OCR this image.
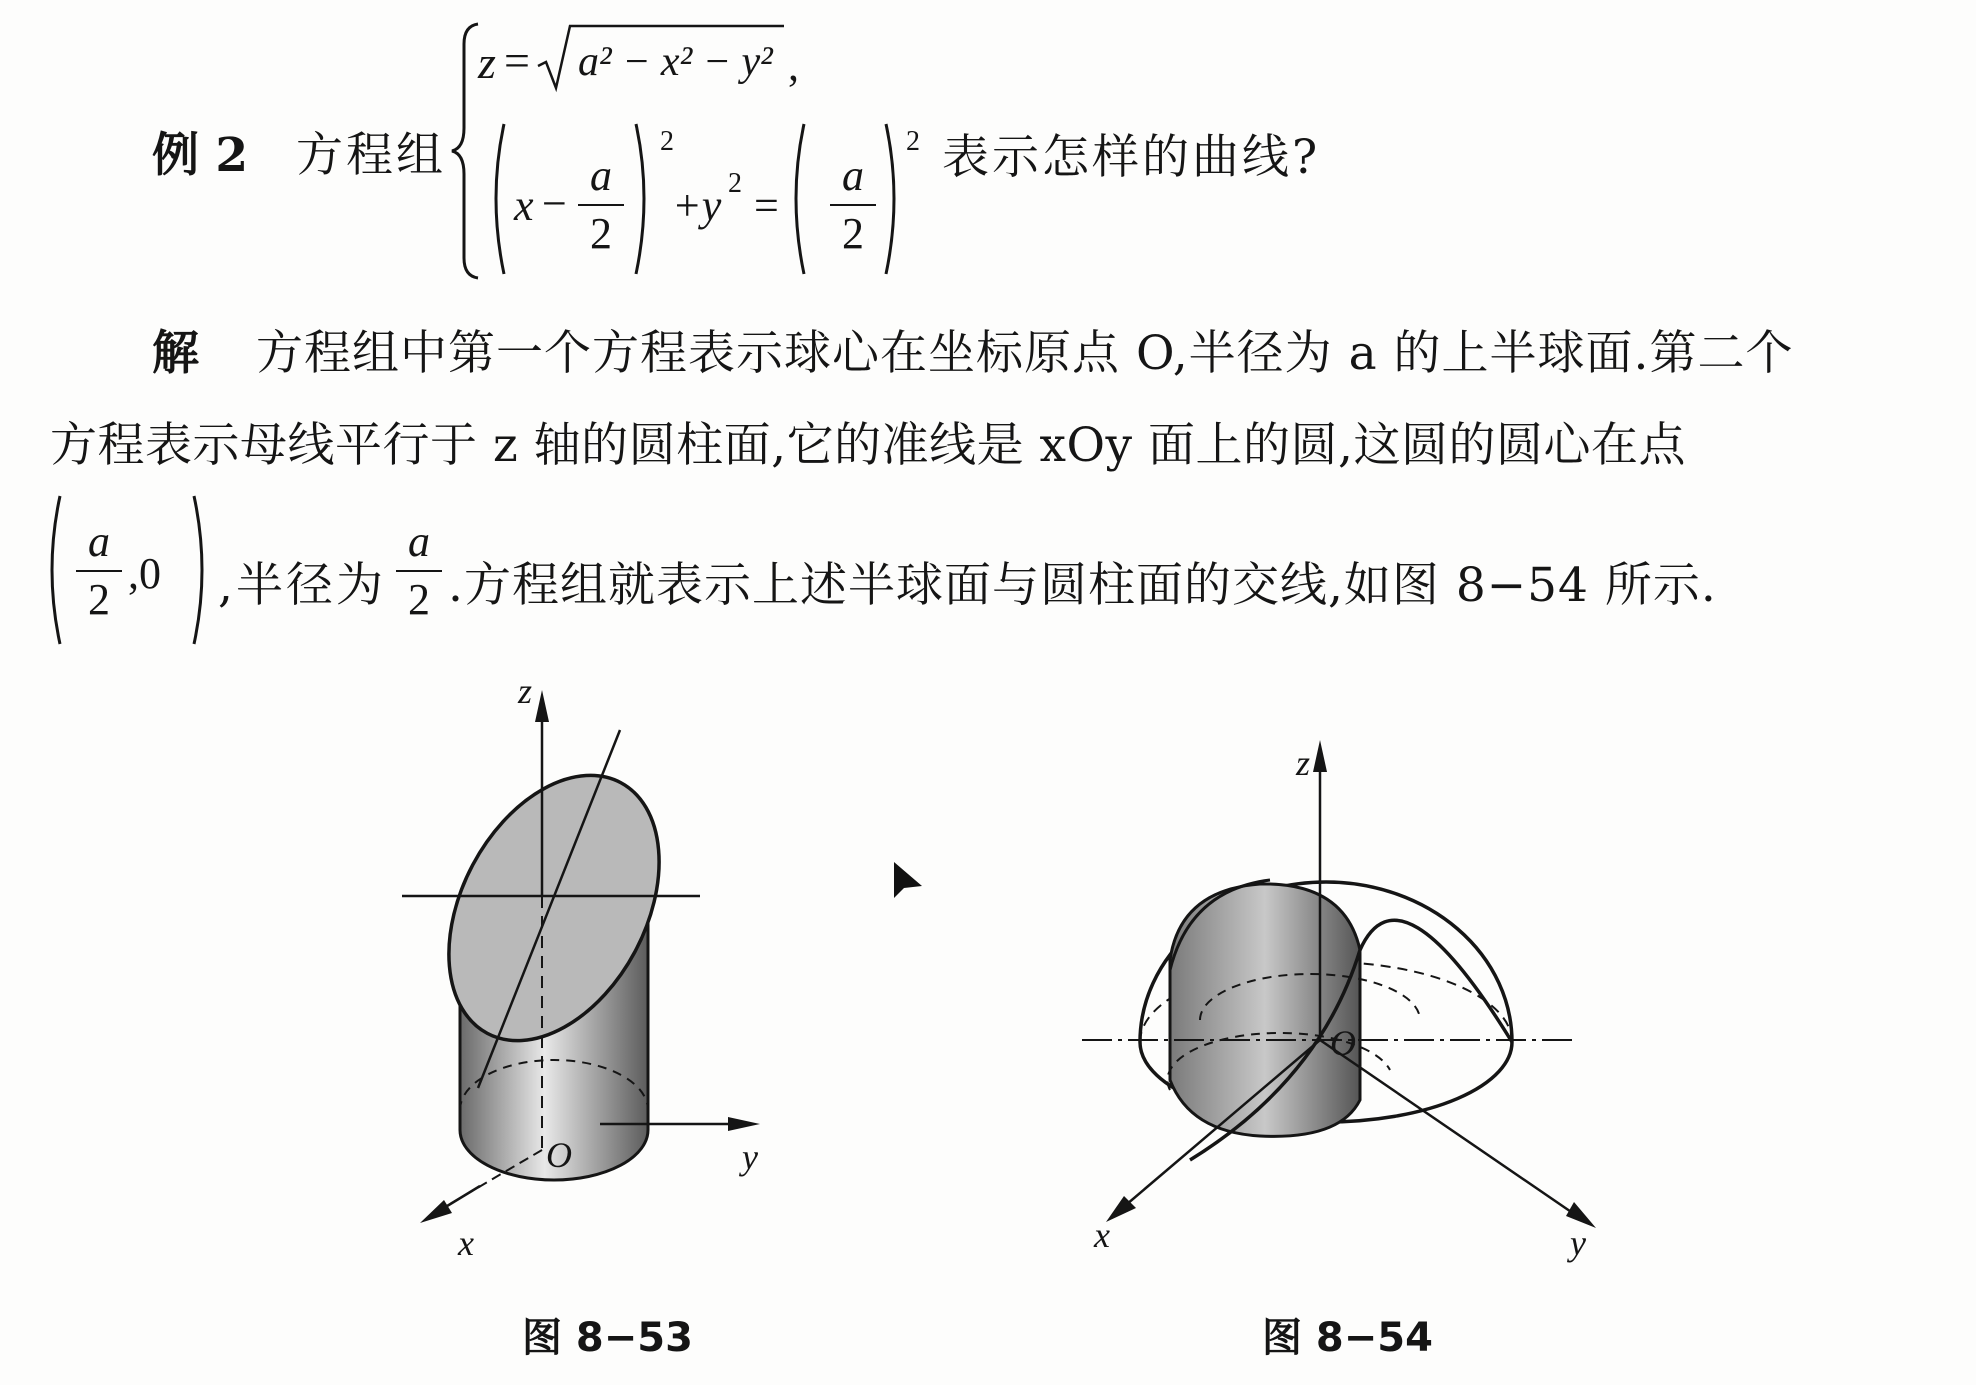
例 2 方程组
z = a² − x² − y² ,
x −
a
2
2
+y 2 =
a
2
2 表示怎样的曲线?
解 方程组中第一个方程表示球心在坐标原点 O,半径为 a 的上半球面.第二个
方程表示母线平行于 z 轴的圆柱面,它的准线是 xOy 面上的圆,这圆的圆心在点
a
2
,0 ,半径为
a
2 .方程组就表示上述半球面与圆柱面的交线,如图 8−54 所示.
z
y
x
O
图 8−53
z
y
x
O
图 8−54
